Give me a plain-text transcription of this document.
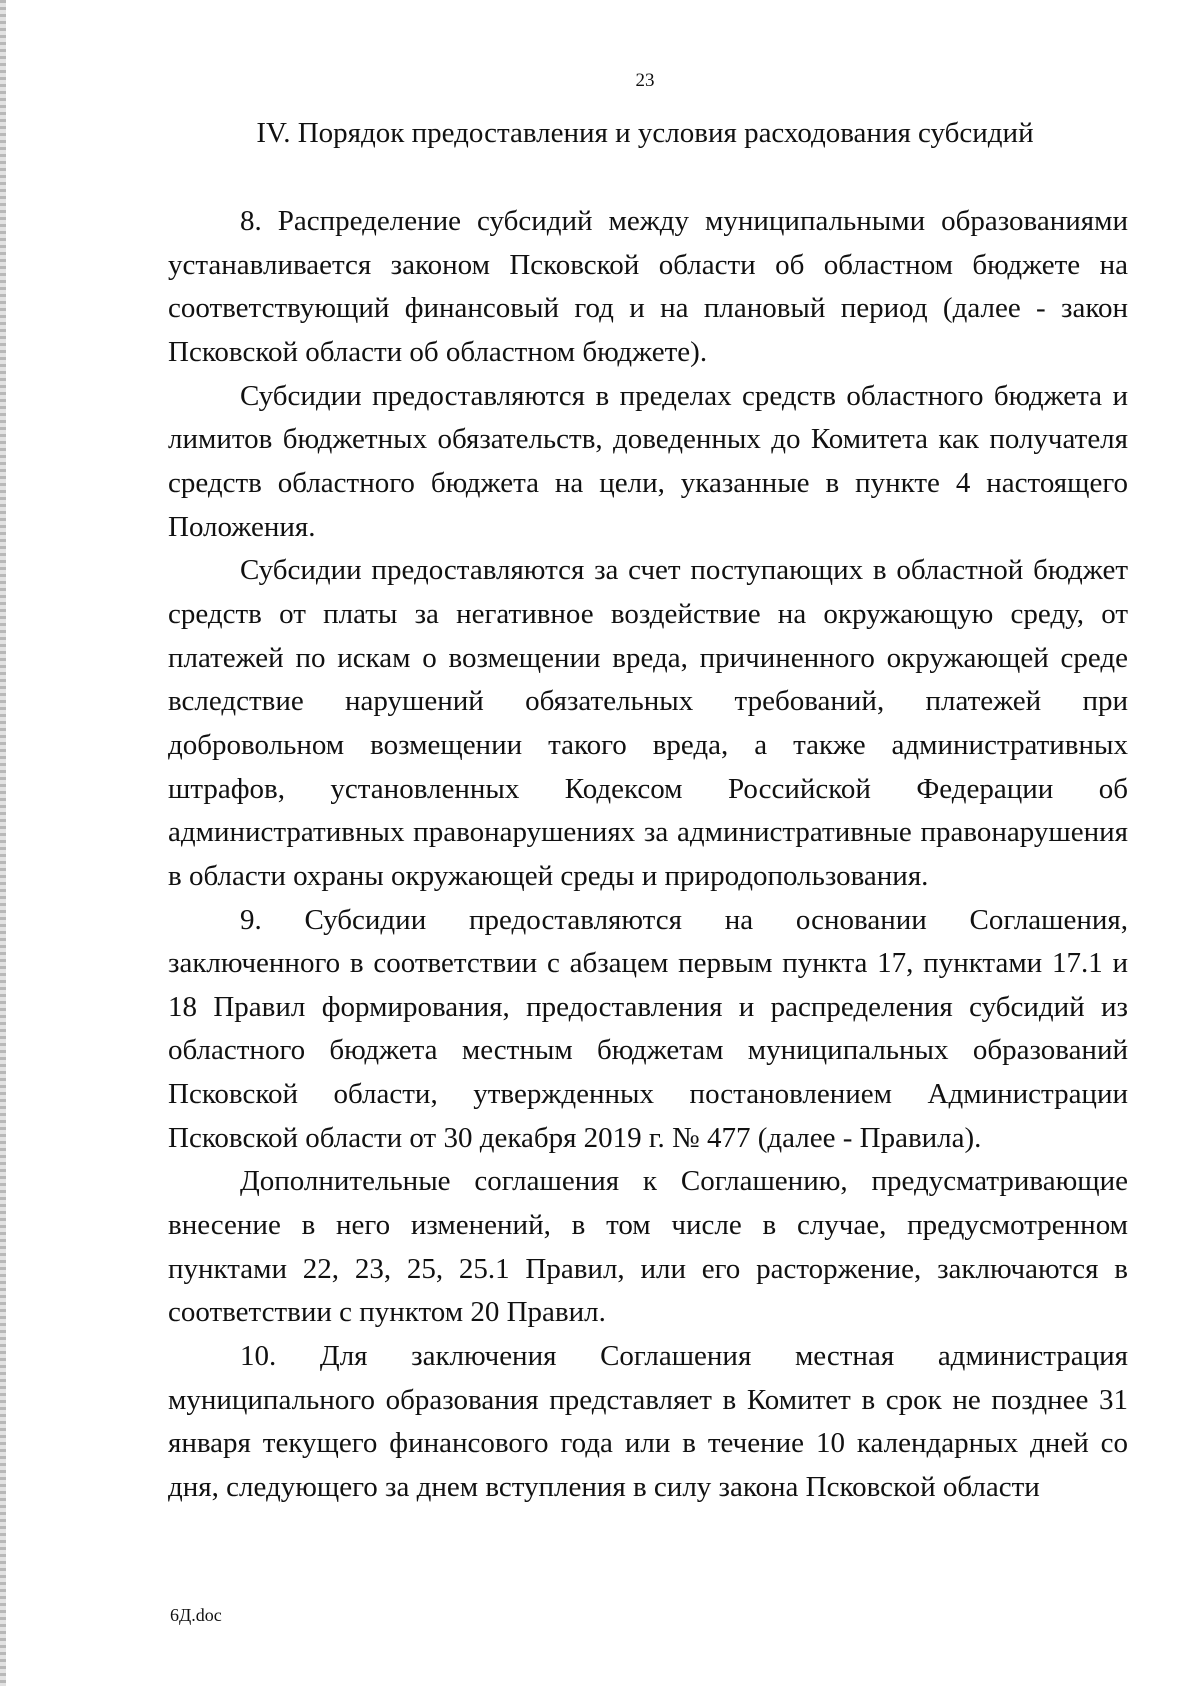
23
IV. Порядок предоставления и условия расходования субсидий

8. Распределение субсидий между муниципальными образованиями устанавливается законом Псковской области об областном бюджете на соответствующий финансовый год и на плановый период (далее - закон Псковской области об областном бюджете).

Субсидии предоставляются в пределах средств областного бюджета и лимитов бюджетных обязательств, доведенных до Комитета как получателя средств областного бюджета на цели, указанные в пункте 4 настоящего Положения.

Субсидии предоставляются за счет поступающих в областной бюджет средств от платы за негативное воздействие на окружающую среду, от платежей по искам о возмещении вреда, причиненного окружающей среде вследствие нарушений обязательных требований, платежей при добровольном возмещении такого вреда, а также административных штрафов, установленных Кодексом Российской Федерации об административных правонарушениях за административные правонарушения в области охраны окружающей среды и природопользования.

9. Субсидии предоставляются на основании Соглашения, заключенного в соответствии с абзацем первым пункта 17, пунктами 17.1 и 18 Правил формирования, предоставления и распределения субсидий из областного бюджета местным бюджетам муниципальных образований Псковской области, утвержденных постановлением Администрации Псковской области от 30 декабря 2019 г. № 477 (далее - Правила).

Дополнительные соглашения к Соглашению, предусматривающие внесение в него изменений, в том числе в случае, предусмотренном пунктами 22, 23, 25, 25.1 Правил, или его расторжение, заключаются в соответствии с пунктом 20 Правил.

10. Для заключения Соглашения местная администрация муниципального образования представляет в Комитет в срок не позднее 31 января текущего финансового года или в течение 10 календарных дней со дня, следующего за днем вступления в силу закона Псковской области

6Д.doc
